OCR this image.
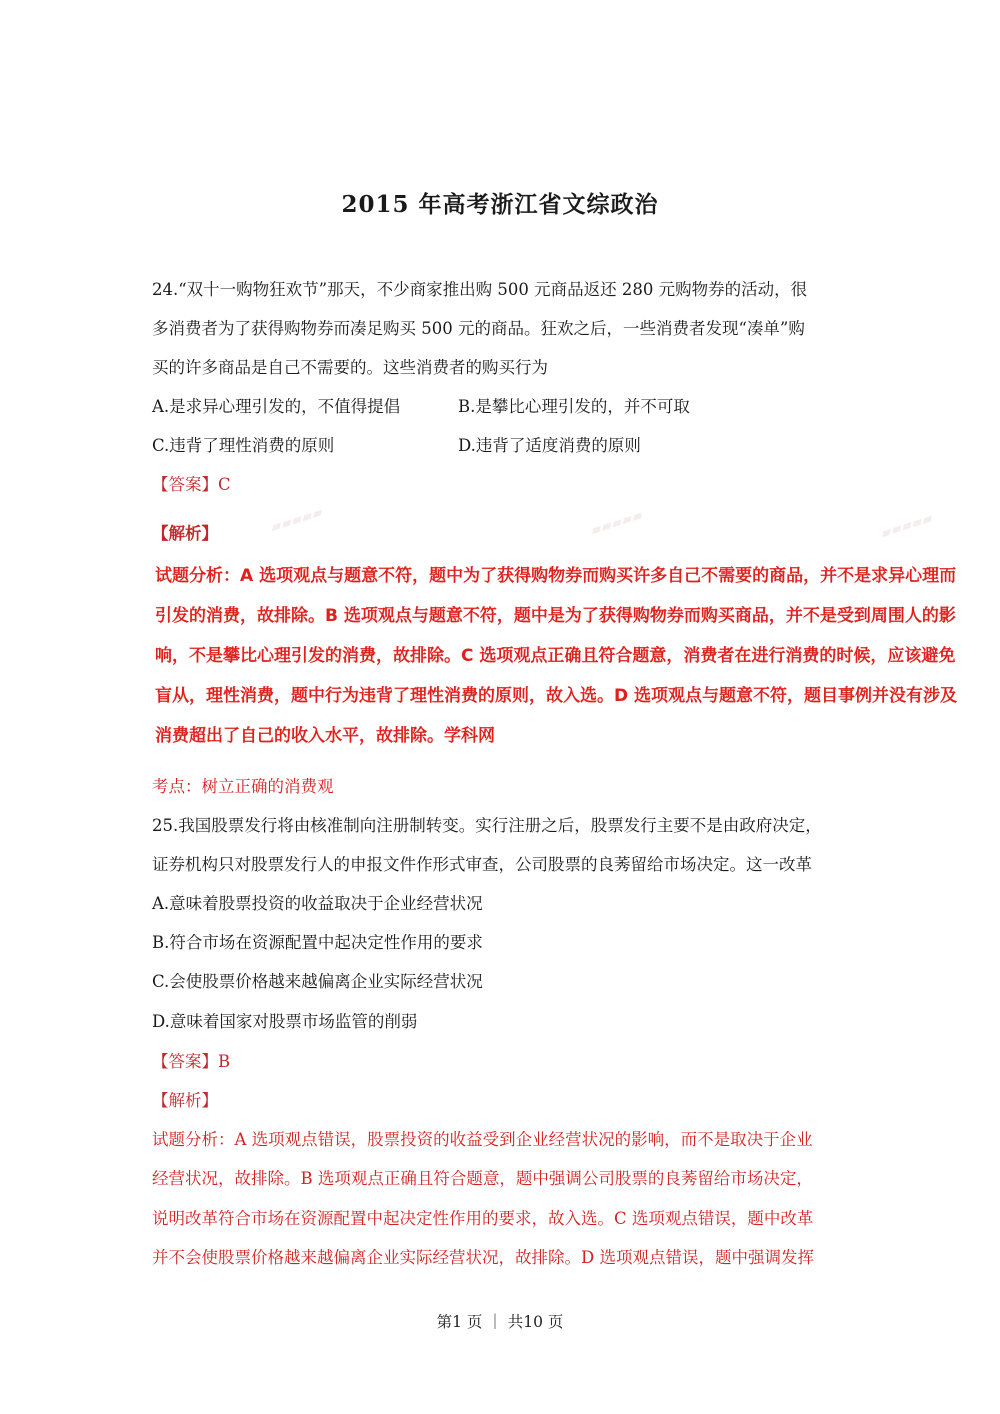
2015 年高考浙江省文综政治
24.“双十一购物狂欢节”那天，不少商家推出购 500 元商品返还 280 元购物券的活动，很
多消费者为了获得购物券而凑足购买 500 元的商品。狂欢之后，一些消费者发现“凑单”购
买的许多商品是自己不需要的。这些消费者的购买行为
A.是求异心理引发的，不值得提倡	B.是攀比心理引发的，并不可取
C.违背了理性消费的原则	D.违背了适度消费的原则
【答案】C
【解析】	▰▰▰▰▰	▰▰▰▰▰	▰▰▰▰▰
试题分析：A 选项观点与题意不符，题中为了获得购物券而购买许多自己不需要的商品，并不是求异心理而
引发的消费，故排除。B 选项观点与题意不符，题中是为了获得购物券而购买商品，并不是受到周围人的影
响，不是攀比心理引发的消费，故排除。C 选项观点正确且符合题意，消费者在进行消费的时候，应该避免
盲从，理性消费，题中行为违背了理性消费的原则，故入选。D 选项观点与题意不符，题目事例并没有涉及
消费超出了自己的收入水平，故排除。学科网
考点：树立正确的消费观
25.我国股票发行将由核准制向注册制转变。实行注册之后，股票发行主要不是由政府决定，
证券机构只对股票发行人的申报文件作形式审查，公司股票的良莠留给市场决定。这一改革
A.意味着股票投资的收益取决于企业经营状况
B.符合市场在资源配置中起决定性作用的要求
C.会使股票价格越来越偏离企业实际经营状况
D.意味着国家对股票市场监管的削弱
【答案】B
【解析】
试题分析：A 选项观点错误，股票投资的收益受到企业经营状况的影响，而不是取决于企业
经营状况，故排除。B 选项观点正确且符合题意，题中强调公司股票的良莠留给市场决定，
说明改革符合市场在资源配置中起决定性作用的要求，故入选。C 选项观点错误，题中改革
并不会使股票价格越来越偏离企业实际经营状况，故排除。D 选项观点错误，题中强调发挥
第1 页 ｜ 共10 页
